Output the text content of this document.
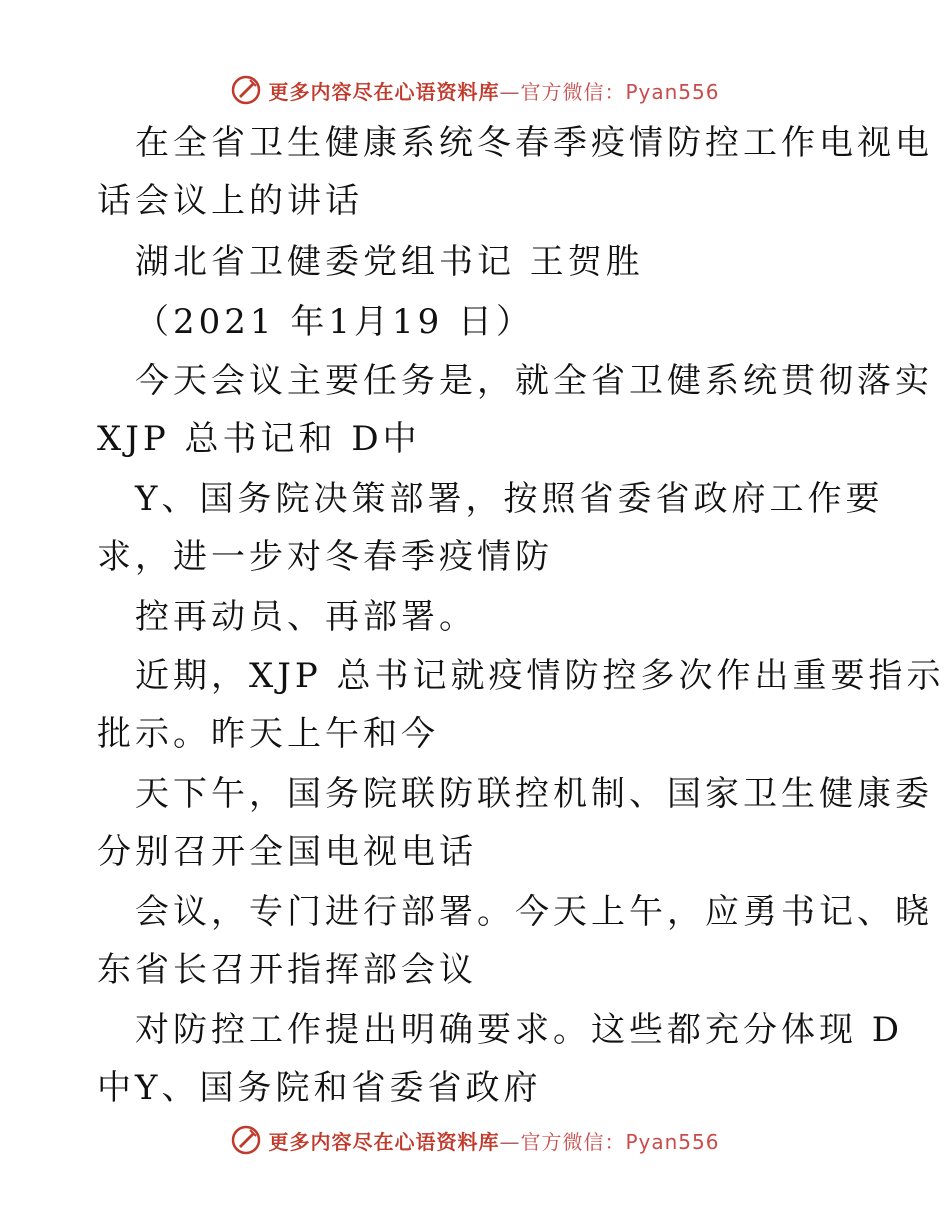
更多内容尽在心语资料库—官方微信：Pyan556
在全省卫生健康系统冬春季疫情防控工作电视电
话会议上的讲话
湖北省卫健委党组书记 王贺胜
（2021 年1月19 日）
今天会议主要任务是，就全省卫健系统贯彻落实
XJP 总书记和 D中
Y、国务院决策部署，按照省委省政府工作要
求，进一步对冬春季疫情防
控再动员、再部署。
近期，XJP 总书记就疫情防控多次作出重要指示
批示。昨天上午和今
天下午，国务院联防联控机制、国家卫生健康委
分别召开全国电视电话
会议，专门进行部署。今天上午，应勇书记、晓
东省长召开指挥部会议
对防控工作提出明确要求。这些都充分体现 D
中Y、国务院和省委省政府
更多内容尽在心语资料库—官方微信：Pyan556
